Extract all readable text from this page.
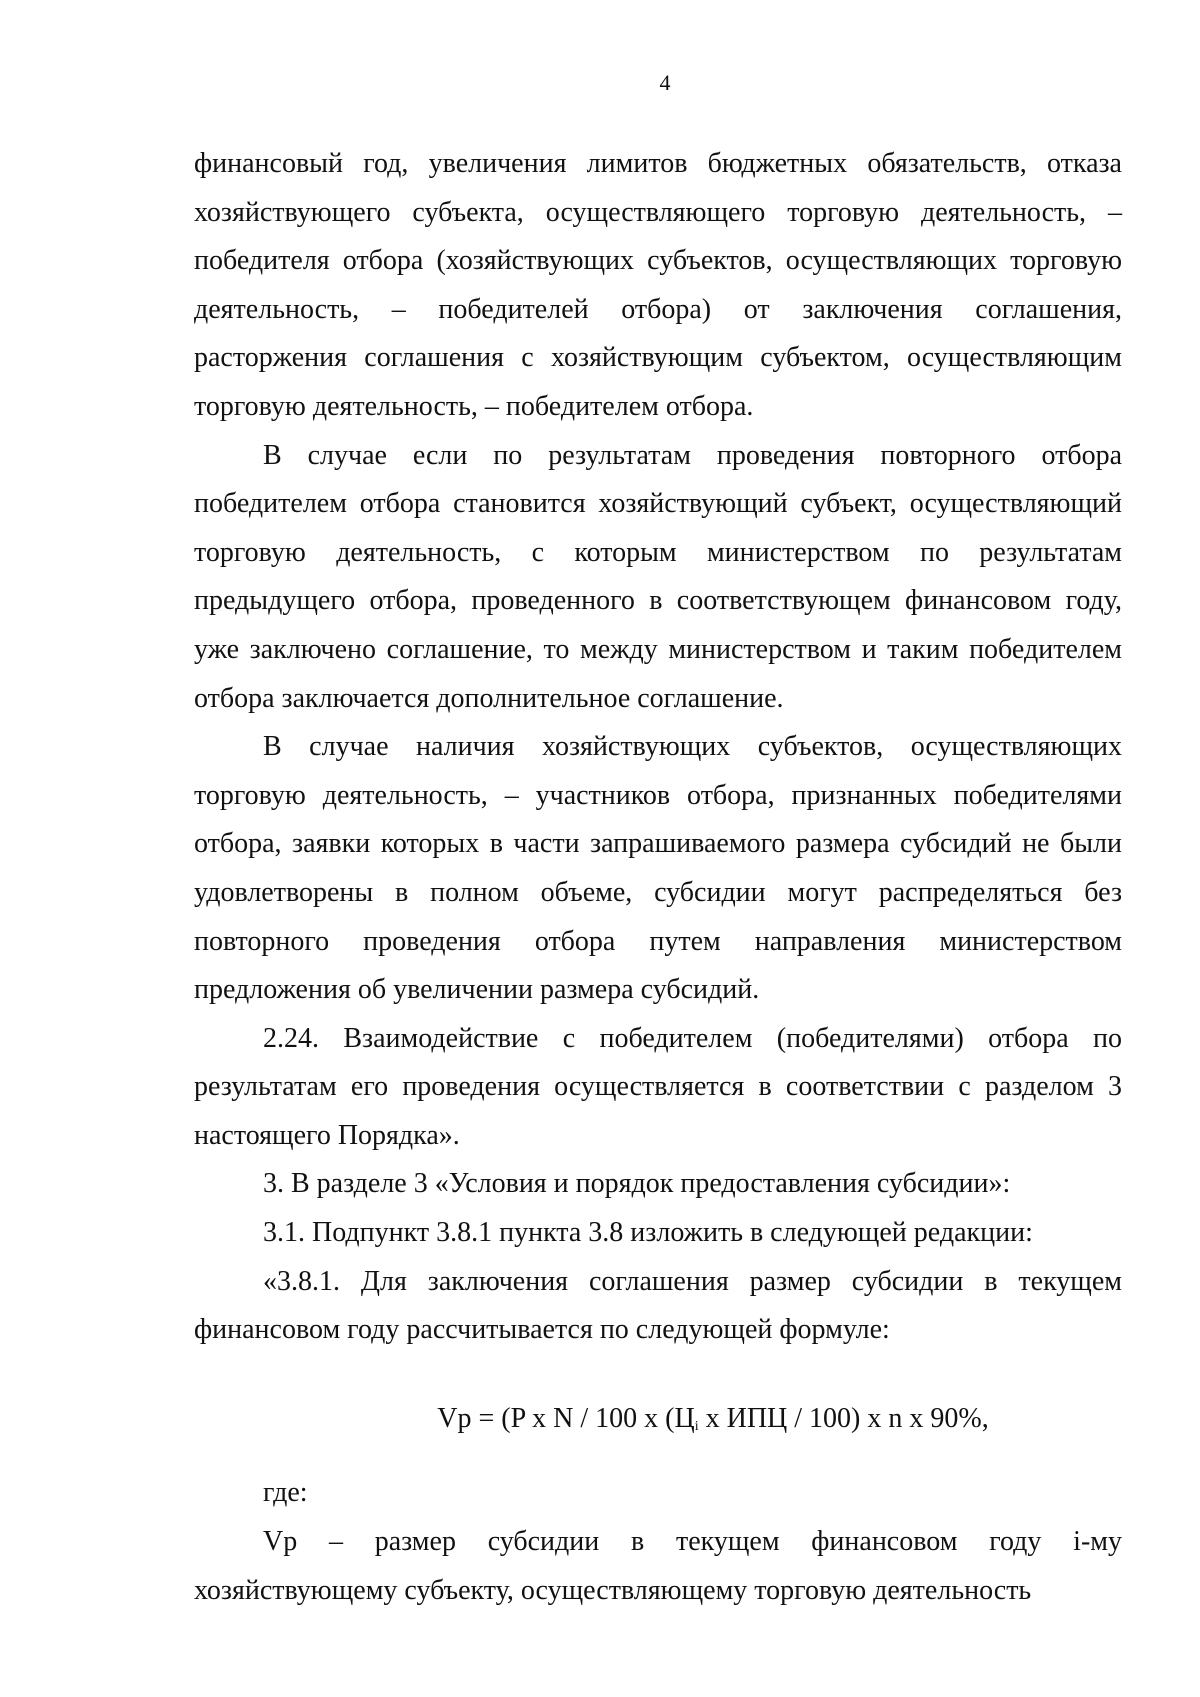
4

финансовый год, увеличения лимитов бюджетных обязательств, отказа хозяйствующего субъекта, осуществляющего торговую деятельность, – победителя отбора (хозяйствующих субъектов, осуществляющих торговую деятельность, – победителей отбора) от заключения соглашения, расторжения соглашения с хозяйствующим субъектом, осуществляющим торговую деятельность, – победителем отбора.

В случае если по результатам проведения повторного отбора победителем отбора становится хозяйствующий субъект, осуществляющий торговую деятельность, с которым министерством по результатам предыдущего отбора, проведенного в соответствующем финансовом году, уже заключено соглашение, то между министерством и таким победителем отбора заключается дополнительное соглашение.

В случае наличия хозяйствующих субъектов, осуществляющих торговую деятельность, – участников отбора, признанных победителями отбора, заявки которых в части запрашиваемого размера субсидий не были удовлетворены в полном объеме, субсидии могут распределяться без повторного проведения отбора путем направления министерством предложения об увеличении размера субсидий.

2.24. Взаимодействие с победителем (победителями) отбора по результатам его проведения осуществляется в соответствии с разделом 3 настоящего Порядка».

3. В разделе 3 «Условия и порядок предоставления субсидии»:

3.1. Подпункт 3.8.1 пункта 3.8 изложить в следующей редакции:

«3.8.1. Для заключения соглашения размер субсидии в текущем финансовом году рассчитывается по следующей формуле:

Vp = (P x N / 100 x ($Ц_i$ x ИПЦ / 100) x n x 90%,

где:

Vp – размер субсидии в текущем финансовом году i-му хозяйствующему субъекту, осуществляющему торговую деятельность
